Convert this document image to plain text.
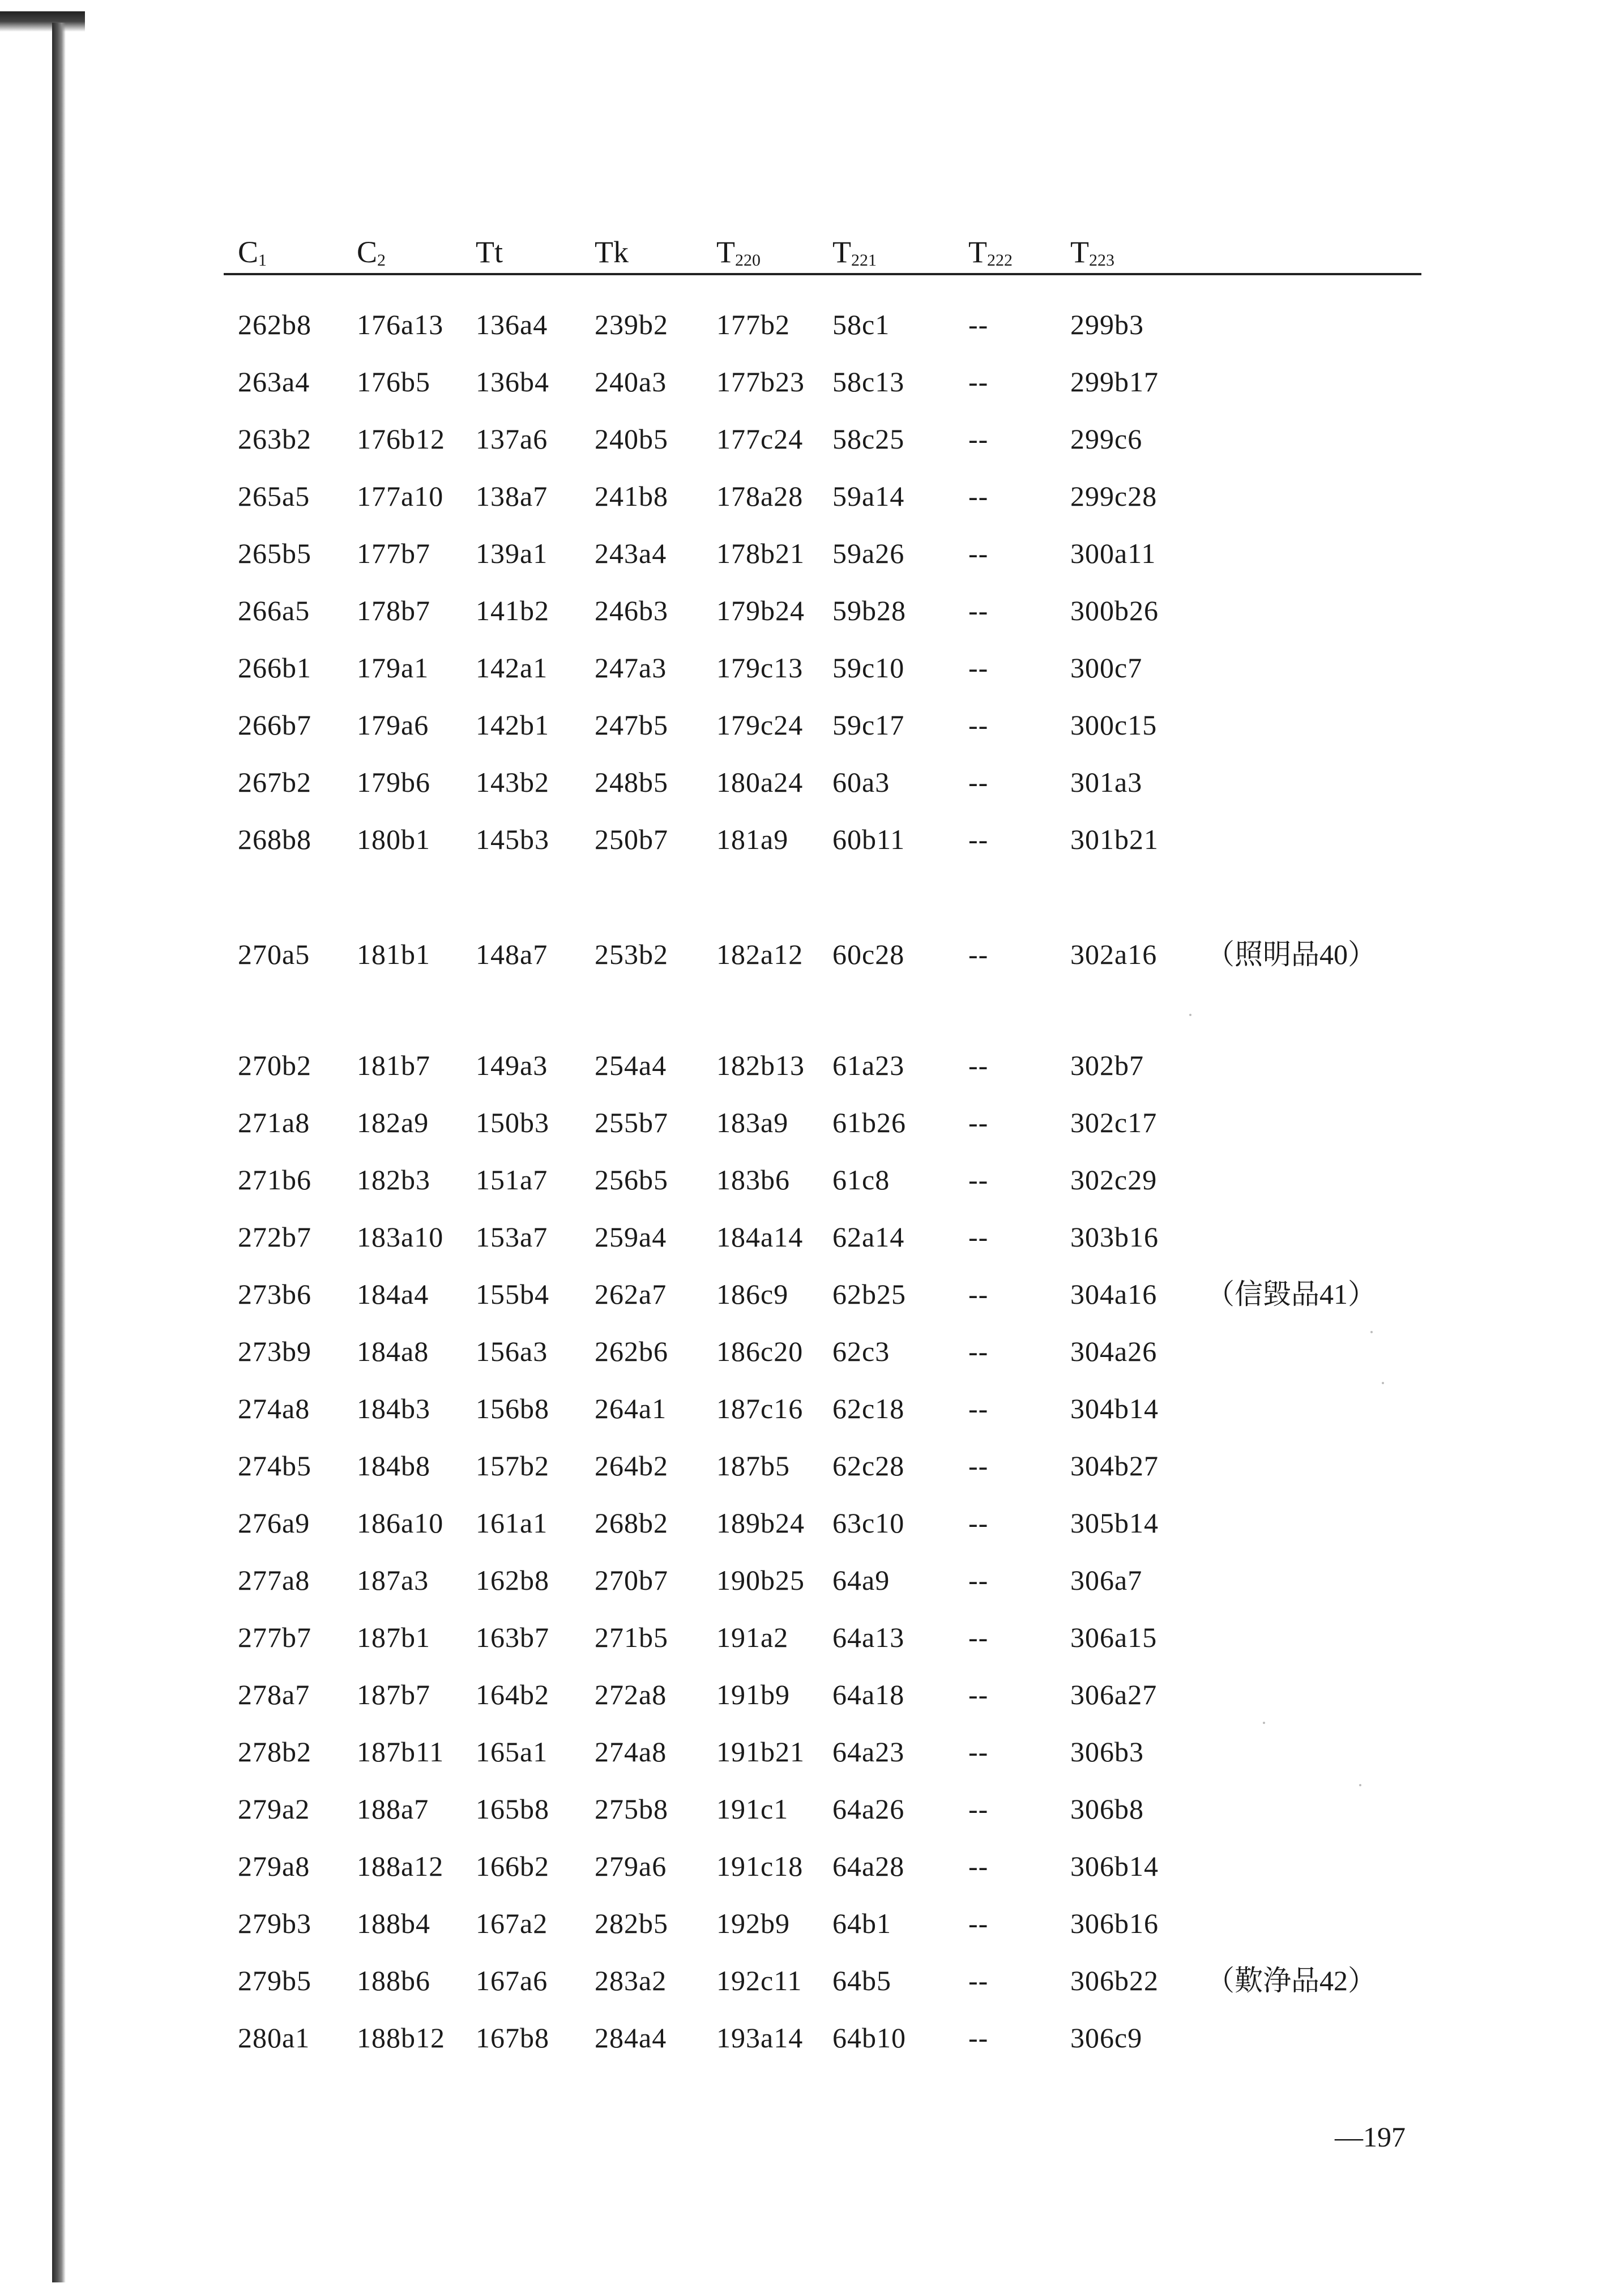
$C_1$	$C_2$	Tt	Tk	$T_{220}$ $T_{221}$	$T_{222}$ $T_{223}$
262b8 176a13 136a4 239b2 177b2 58c1	--	299b3
263a4 176b5 136b4 240a3 177b23 58c13 --	299b17
263b2 176b12 137a6 240b5 177c24 58c25 --	299c6
265a5 177a10 138a7 241b8 178a28 59a14 --	299c28
265b5 177b7 139a1 243a4 178b21 59a26 --	300a11
266a5 178b7 141b2 246b3 179b24 59b28 --	300b26
266b1 179a1 142a1 247a3 179c13 59c10 --	300c7
266b7 179a6 142b1 247b5 179c24 59c17 --	300c15
267b2 179b6 143b2 248b5 180a24 60a3	--	301a3
268b8 180b1 145b3 250b7 181a9 60b11 --	301b21
270a5 181b1 148a7 253b2 182a12 60c28 --	302a16 （照明品40）
270b2 181b7 149a3 254a4 182b13 61a23 --	302b7
271a8 182a9 150b3 255b7 183a9 61b26 --	302c17
271b6 182b3 151a7 256b5 183b6 61c8	--	302c29
272b7 183a10 153a7 259a4 184a14 62a14 --	303b16
273b6 184a4 155b4 262a7 186c9 62b25 --	304a16 （信毀品41）
273b9 184a8 156a3 262b6 186c20 62c3	--	304a26
274a8 184b3 156b8 264a1 187c16 62c18 --	304b14
274b5 184b8 157b2 264b2 187b5 62c28 --	304b27
276a9 186a10 161a1 268b2 189b24 63c10 --	305b14
277a8 187a3 162b8 270b7 190b25 64a9	--	306a7
277b7 187b1 163b7 271b5 191a2 64a13 --	306a15
278a7 187b7 164b2 272a8 191b9 64a18 --	306a27
278b2 187b11 165a1 274a8 191b21 64a23 --	306b3
279a2 188a7 165b8 275b8 191c1 64a26 --	306b8
279a8 188a12 166b2 279a6 191c18 64a28 --	306b14
279b3 188b4 167a2 282b5 192b9 64b1	--	306b16
279b5 188b6 167a6 283a2 192c11 64b5	--	306b22 （歎浄品42）
280a1 188b12 167b8 284a4 193a14 64b10 --	306c9
—197
